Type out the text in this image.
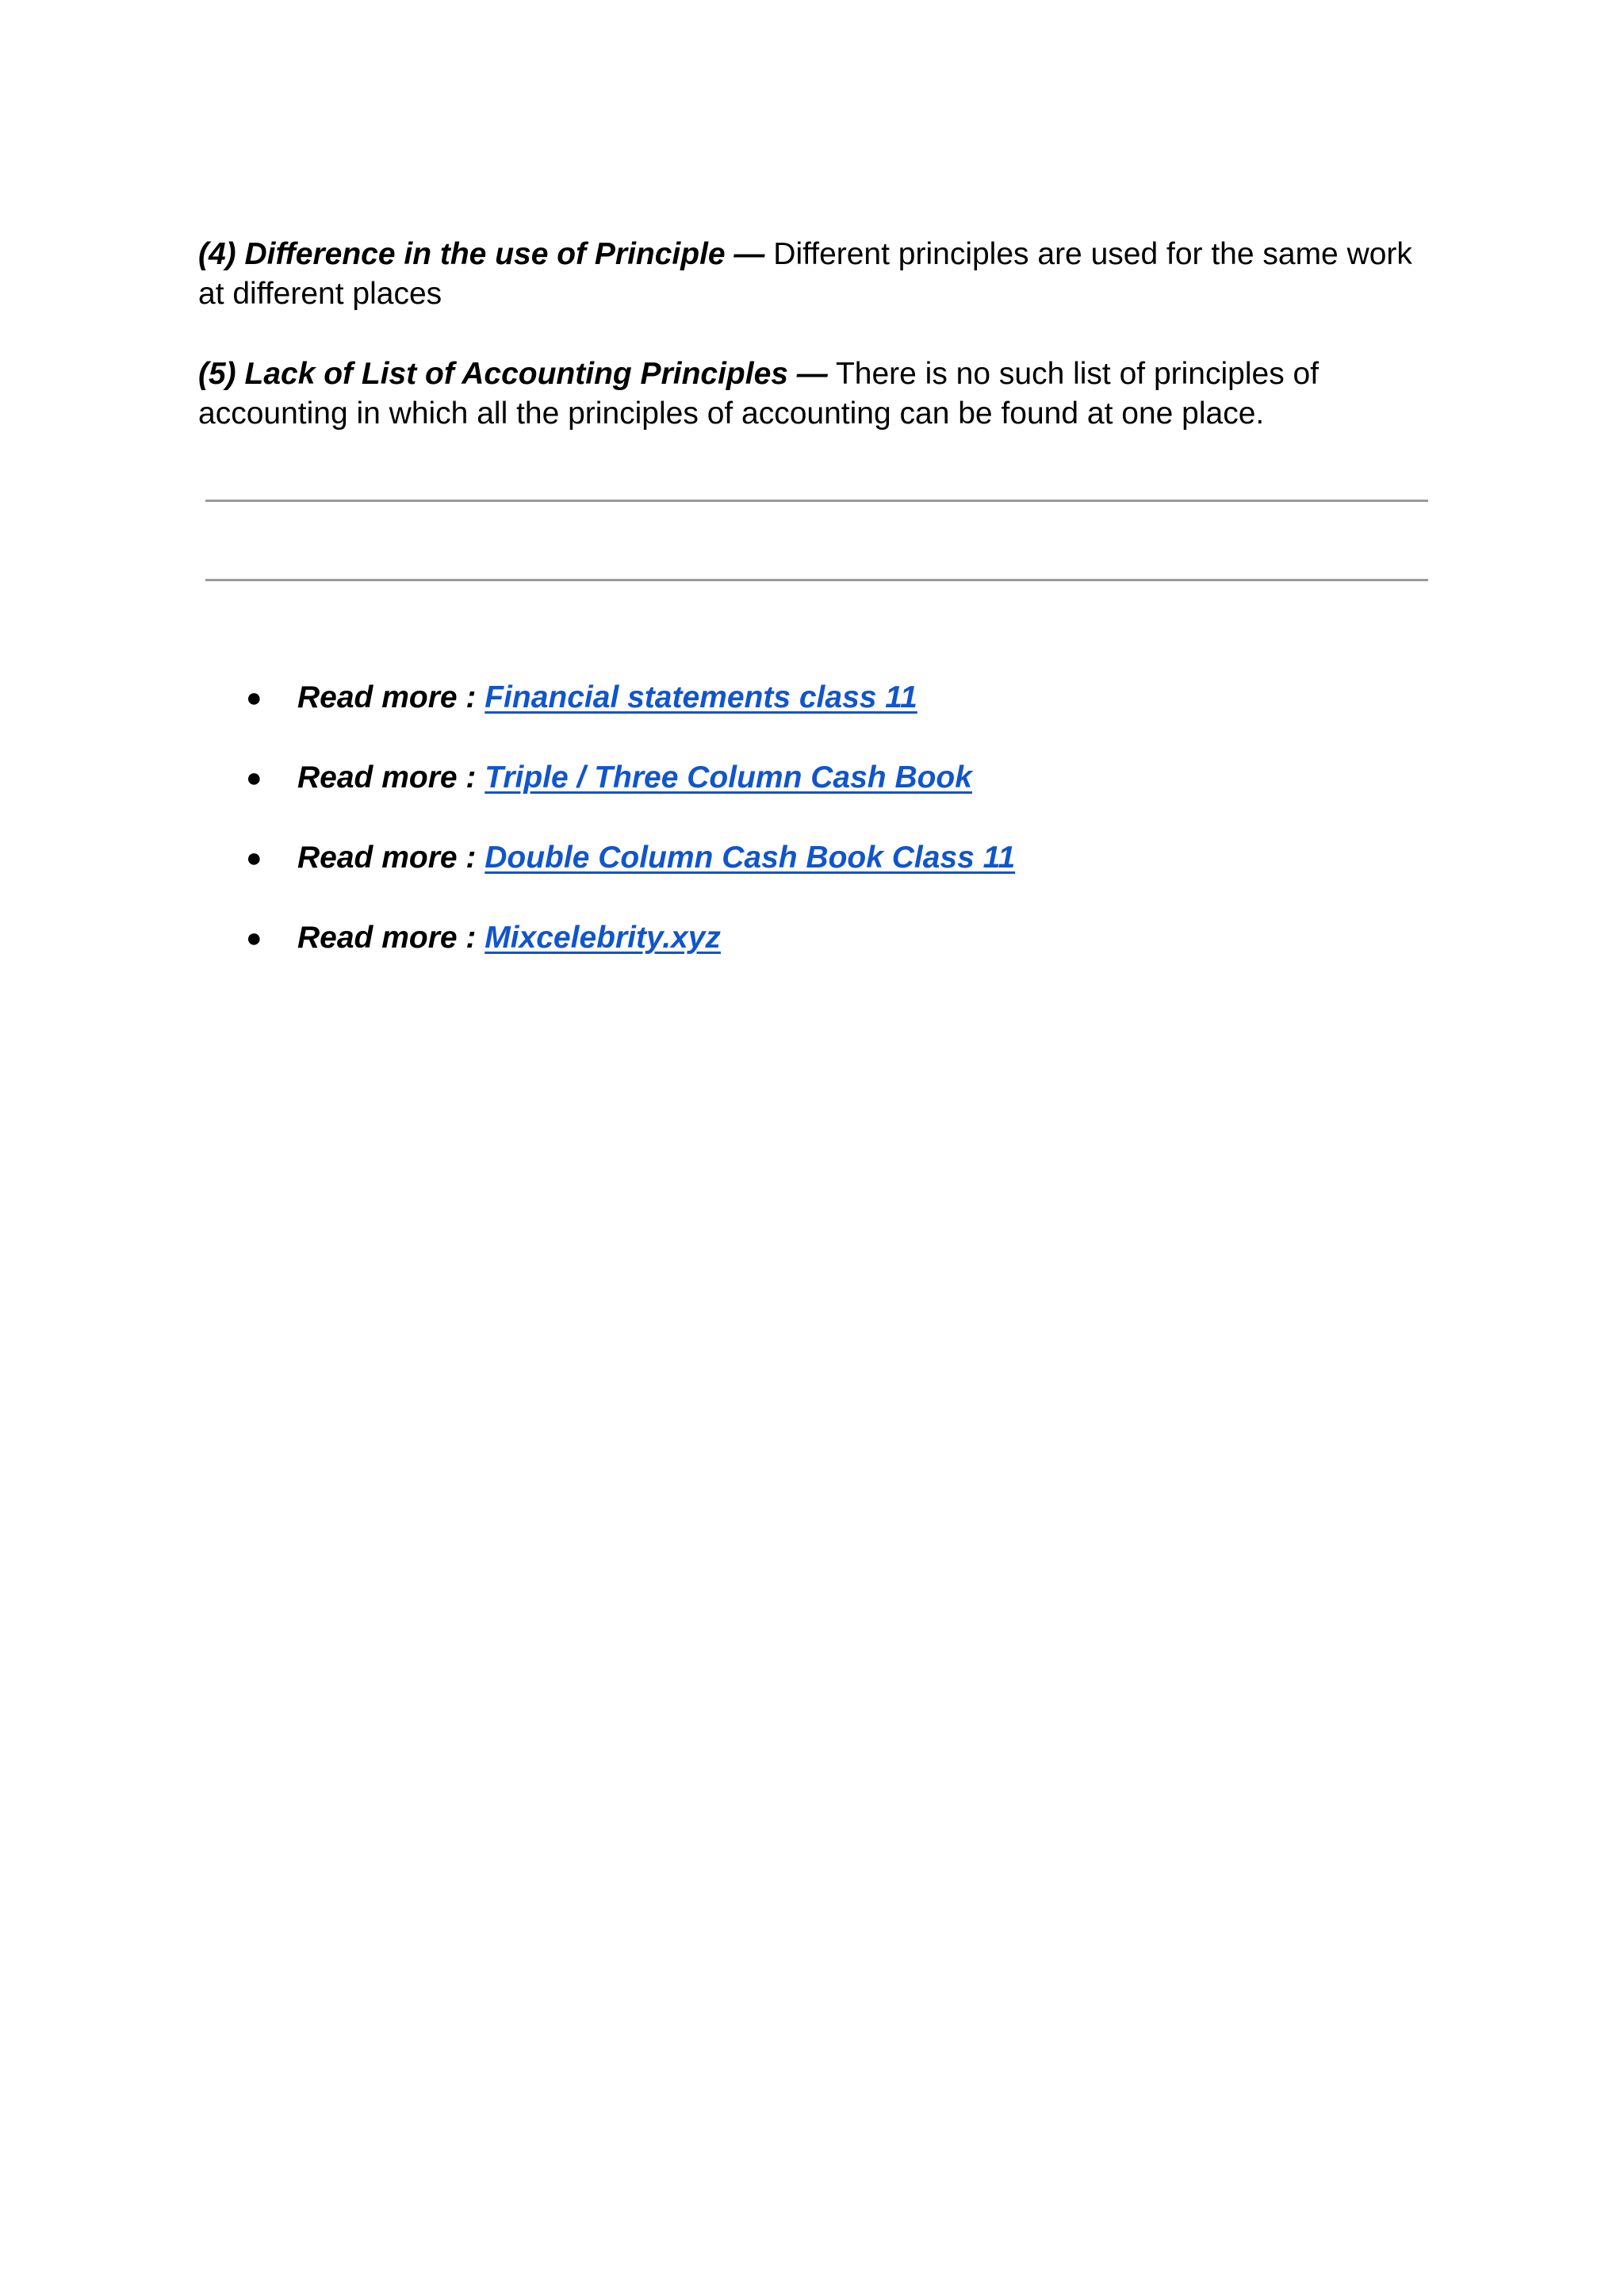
(4) Difference in the use of Principle — Different principles are used for the same work at different places

(5) Lack of List of Accounting Principles — There is no such list of principles of accounting in which all the principles of accounting can be found at one place.

● Read more : Financial statements class 11
● Read more : Triple / Three Column Cash Book
● Read more : Double Column Cash Book Class 11
● Read more : Mixcelebrity.xyz
